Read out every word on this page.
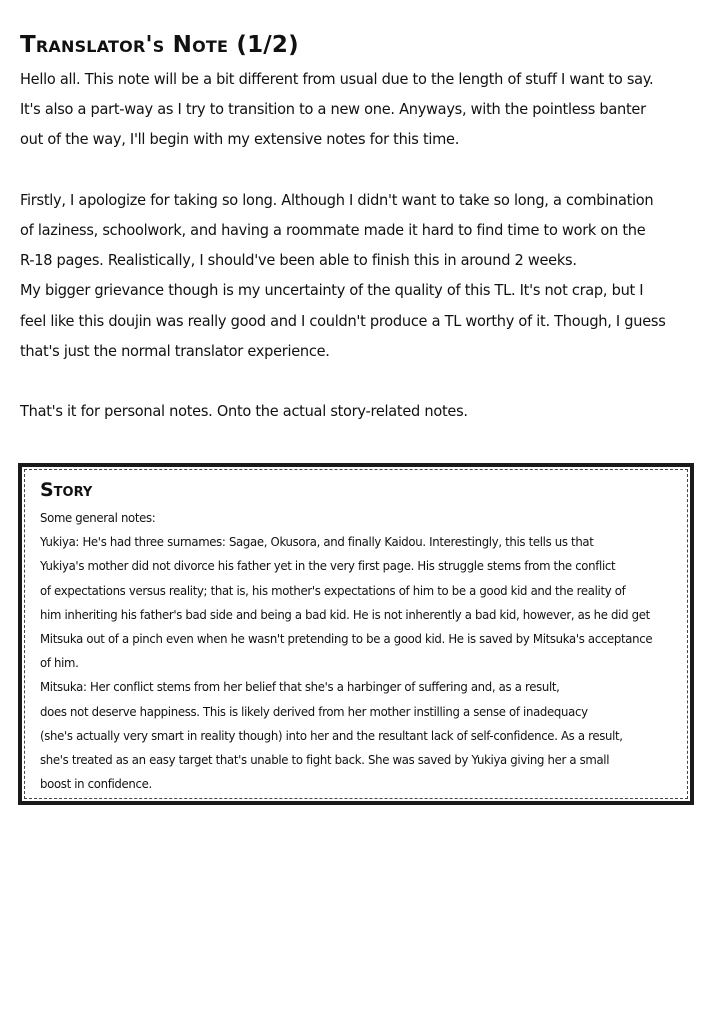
Translator's Note (1/2)

Hello all. This note will be a bit different from usual due to the length of stuff I want to say.

It's also a part-way as I try to transition to a new one. Anyways, with the pointless banter

out of the way, I'll begin with my extensive notes for this time.

Firstly, I apologize for taking so long. Although I didn't want to take so long, a combination

of laziness, schoolwork, and having a roommate made it hard to find time to work on the

R-18 pages. Realistically, I should've been able to finish this in around 2 weeks.

My bigger grievance though is my uncertainty of the quality of this TL. It's not crap, but I

feel like this doujin was really good and I couldn't produce a TL worthy of it. Though, I guess

that's just the normal translator experience.

That's it for personal notes. Onto the actual story-related notes.

Story

Some general notes:

Yukiya: He's had three surnames: Sagae, Okusora, and finally Kaidou. Interestingly, this tells us that

Yukiya's mother did not divorce his father yet in the very first page. His struggle stems from the conflict

of expectations versus reality; that is, his mother's expectations of him to be a good kid and the reality of

him inheriting his father's bad side and being a bad kid. He is not inherently a bad kid, however, as he did get

Mitsuka out of a pinch even when he wasn't pretending to be a good kid. He is saved by Mitsuka's acceptance

of him.

Mitsuka: Her conflict stems from her belief that she's a harbinger of suffering and, as a result,

does not deserve happiness. This is likely derived from her mother instilling a sense of inadequacy

(she's actually very smart in reality though) into her and the resultant lack of self-confidence. As a result,

she's treated as an easy target that's unable to fight back. She was saved by Yukiya giving her a small

boost in confidence.
